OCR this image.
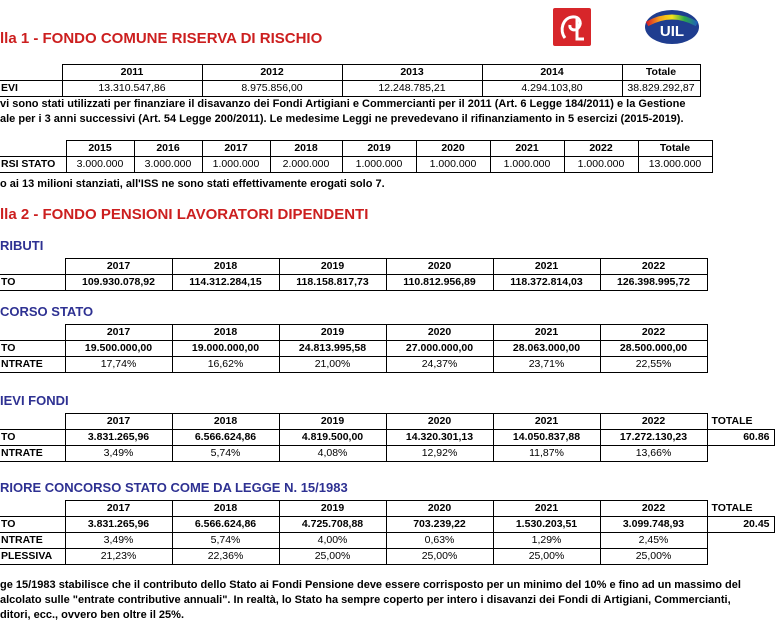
UIL
lla 1 - FONDO COMUNE RISERVA DI RISCHIO
	2011	2012	2013	2014	Totale
EVI	13.310.547,86	8.975.856,00	12.248.785,21	4.294.103,80	38.829.292,87
vi sono stati utilizzati per finanziare il disavanzo dei Fondi Artigiani e Commercianti per il 2011 (Art. 6 Legge 184/2011) e la Gestione
ale per i 3 anni successivi (Art. 54 Legge 200/2011). Le medesime Leggi ne prevedevano il rifinanziamento in 5 esercizi (2015-2019).
	2015	2016	2017	2018	2019	2020	2021	2022	Totale
RSI STATO	3.000.000	3.000.000	1.000.000	2.000.000	1.000.000	1.000.000	1.000.000	1.000.000	13.000.000
o ai 13 milioni stanziati, all'ISS ne sono stati effettivamente erogati solo 7.
lla 2 - FONDO PENSIONI LAVORATORI DIPENDENTI
RIBUTI
	2017	2018	2019	2020	2021	2022
TO	109.930.078,92	114.312.284,15	118.158.817,73	110.812.956,89	118.372.814,03	126.398.995,72
CORSO STATO
	2017	2018	2019	2020	2021	2022
TO	19.500.000,00	19.000.000,00	24.813.995,58	27.000.000,00	28.063.000,00	28.500.000,00
NTRATE	17,74%	16,62%	21,00%	24,37%	23,71%	22,55%
IEVI FONDI
	2017	2018	2019	2020	2021	2022	TOTALE
TO	3.831.265,96	6.566.624,86	4.819.500,00	14.320.301,13	14.050.837,88	17.272.130,23	60.86
NTRATE	3,49%	5,74%	4,08%	12,92%	11,87%	13,66%	
RIORE CONCORSO STATO COME DA LEGGE N. 15/1983
	2017	2018	2019	2020	2021	2022	TOTALE
TO	3.831.265,96	6.566.624,86	4.725.708,88	703.239,22	1.530.203,51	3.099.748,93	20.45
NTRATE	3,49%	5,74%	4,00%	0,63%	1,29%	2,45%	
PLESSIVA	21,23%	22,36%	25,00%	25,00%	25,00%	25,00%	
ge 15/1983 stabilisce che il contributo dello Stato ai Fondi Pensione deve essere corrisposto per un minimo del 10% e fino ad un massimo del
alcolato sulle "entrate contributive annuali". In realtà, lo Stato ha sempre coperto per intero i disavanzi dei Fondi di Artigiani, Commercianti,
ditori, ecc., ovvero ben oltre il 25%.
